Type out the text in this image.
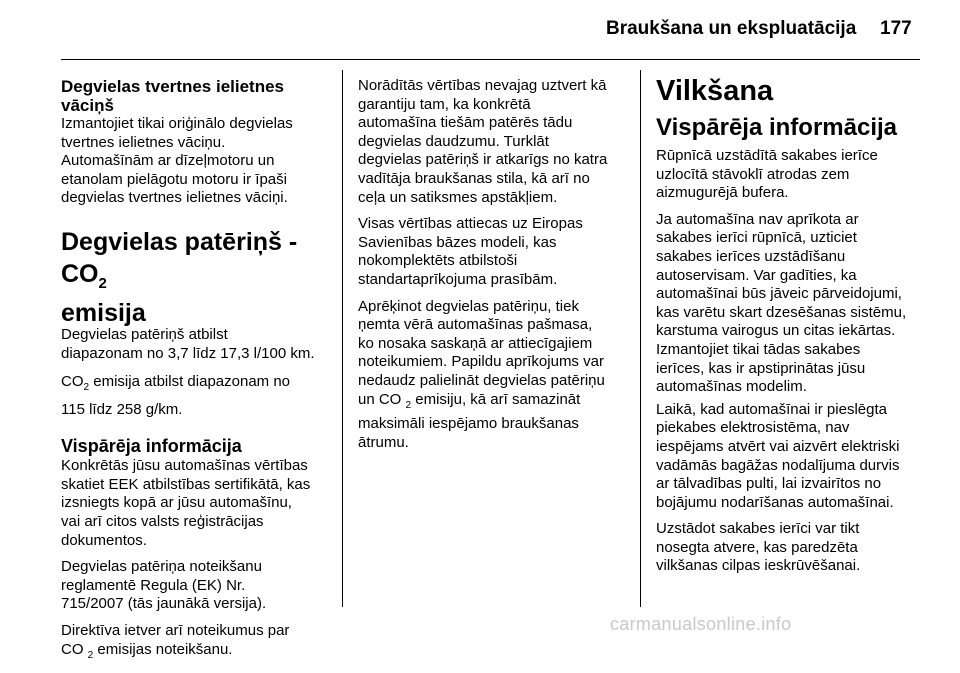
Braukšana un ekspluatācija 177
Degvielas tvertnes ielietnes
vāciņš

Izmantojiet tikai oriģinālo degvielas
tvertnes ielietnes vāciņu.
Automašīnām ar dīzeļmotoru un
etanolam pielāgotu motoru ir īpaši
degvielas tvertnes ielietnes vāciņi.

Degvielas patēriņš - $CO_2$
emisija

Degvielas patēriņš atbilst
diapazonam no 3,7 līdz 17,3 l/100 km.

$CO_2$ emisija atbilst diapazonam no
115 līdz 258 g/km.

Vispārēja informācija

Konkrētās jūsu automašīnas vērtības
skatiet EEK atbilstības sertifikātā, kas
izsniegts kopā ar jūsu automašīnu,
vai arī citos valsts reģistrācijas
dokumentos.

Degvielas patēriņa noteikšanu
reglamentē Regula (EK) Nr.
715/2007 (tās jaunākā versija).

Direktīva ietver arī noteikumus par
CO $_2$ emisijas noteikšanu.

Norādītās vērtības nevajag uztvert kā
garantiju tam, ka konkrētā
automašīna tiešām patērēs tādu
degvielas daudzumu. Turklāt
degvielas patēriņš ir atkarīgs no katra
vadītāja braukšanas stila, kā arī no
ceļa un satiksmes apstākļiem.

Visas vērtības attiecas uz Eiropas
Savienības bāzes modeli, kas
nokomplektēts atbilstoši
standartaprīkojuma prasībām.

Aprēķinot degvielas patēriņu, tiek
ņemta vērā automašīnas pašmasa,
ko nosaka saskaņā ar attiecīgajiem
noteikumiem. Papildu aprīkojums var
nedaudz palielināt degvielas patēriņu
un CO $_2$ emisiju, kā arī samazināt
maksimāli iespējamo braukšanas
ātrumu.

Vilkšana
Vispārēja informācija

Rūpnīcā uzstādītā sakabes ierīce
uzlocītā stāvoklī atrodas zem
aizmugurējā bufera.

Ja automašīna nav aprīkota ar
sakabes ierīci rūpnīcā, uzticiet
sakabes ierīces uzstādīšanu
autoservisam. Var gadīties, ka
automašīnai būs jāveic pārveidojumi,
kas varētu skart dzesēšanas sistēmu,
karstuma vairogus un citas iekārtas.
Izmantojiet tikai tādas sakabes
ierīces, kas ir apstiprinātas jūsu
automašīnas modelim.

Laikā, kad automašīnai ir pieslēgta
piekabes elektrosistēma, nav
iespējams atvērt vai aizvērt elektriski
vadāmās bagāžas nodalījuma durvis
ar tālvadības pulti, lai izvairītos no
bojājumu nodarīšanas automašīnai.

Uzstādot sakabes ierīci var tikt
nosegta atvere, kas paredzēta
vilkšanas cilpas ieskrūvēšanai.

carmanualsonline.info
